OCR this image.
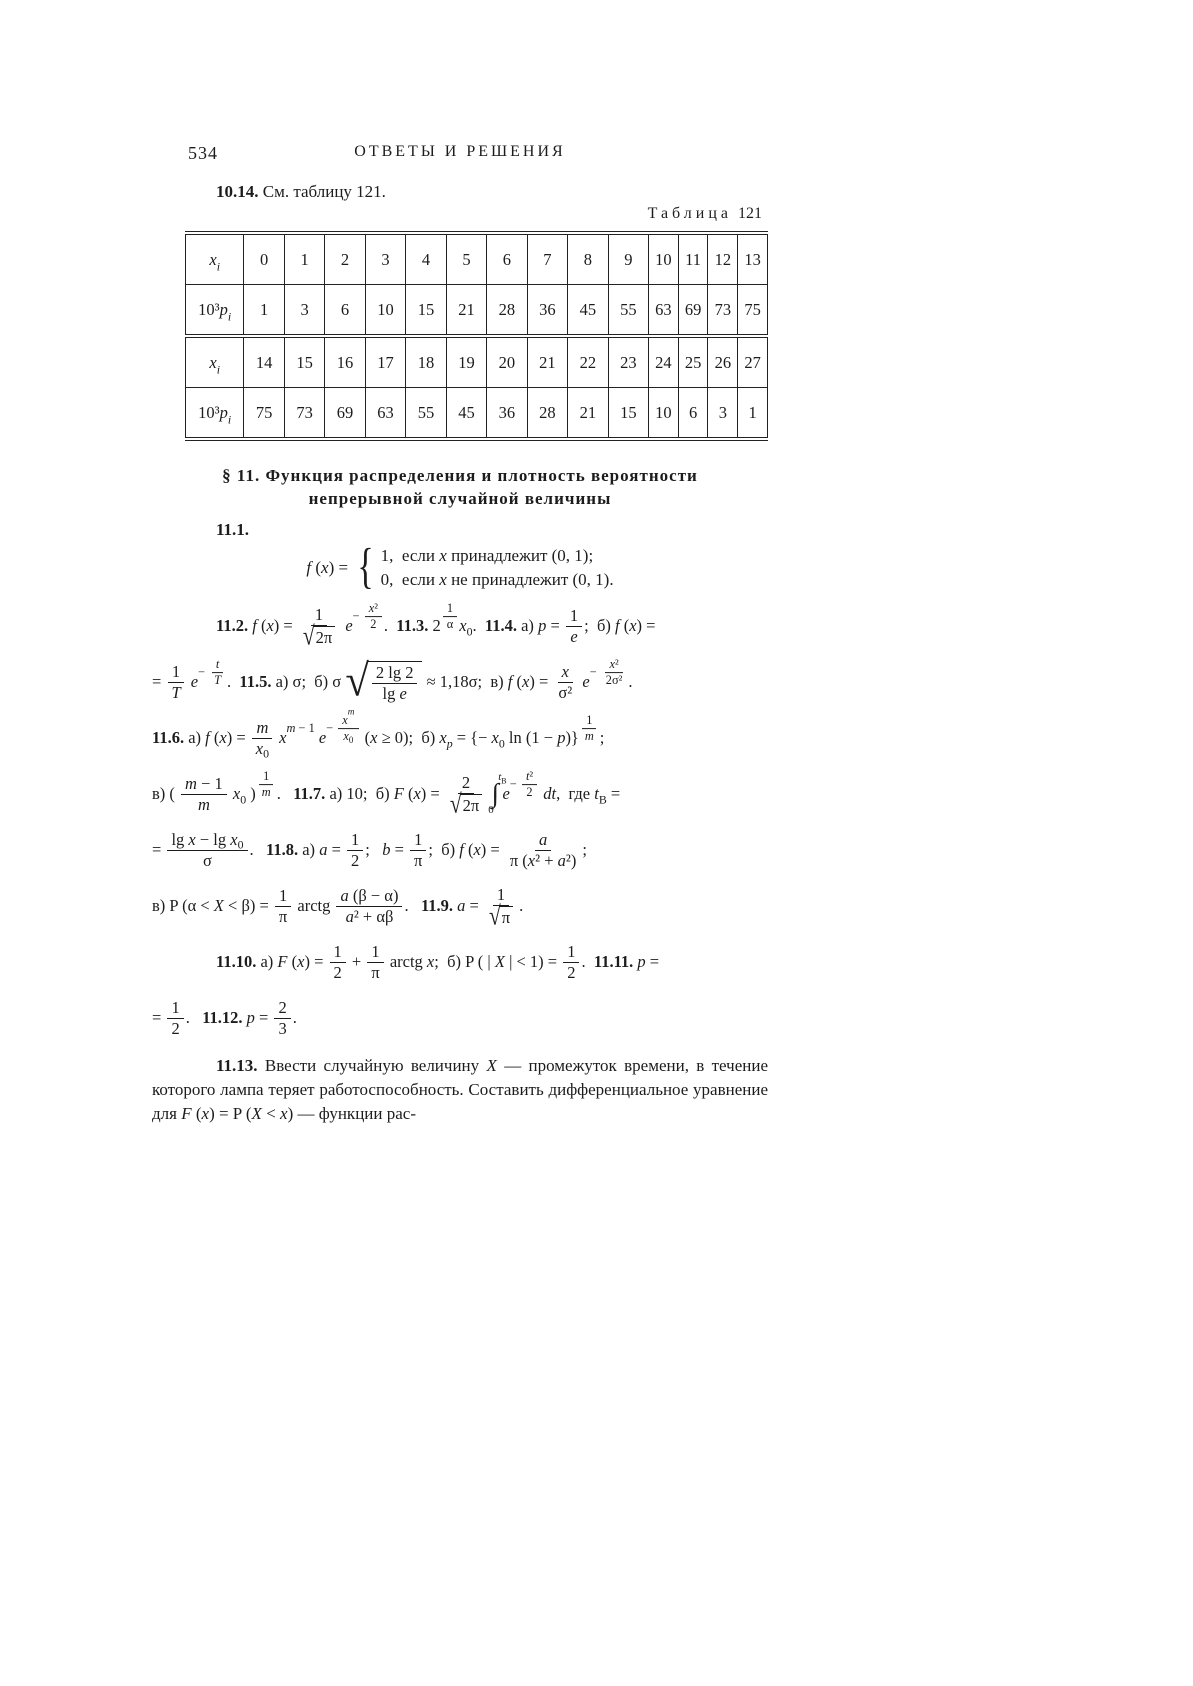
534	ОТВЕТЫ И РЕШЕНИЯ
10.14. См. таблицу 121.
Таблица 121
x i	0	1	2	3	4	5	6	7	8	9	10	11	12	13
10³p i	1	3	6	10	15	21	28	36	45	55	63	69	73	75
x i	14	15	16	17	18	19	20	21	22	23	24	25	26	27
10³p i	75	73	69	63	55	45	36	28	21	15	10	6	3	1
§ 11. Функция распределения и плотность вероятности
непрерывной случайной величины
11.1.
f ( x ) = { 1,  если x принадлежит (0, 1);
0,  если x не принадлежит (0, 1).
11.2. f ( x ) = $\frac{1}{√ 2\pi}$
e
− $\frac{\text{x ²}}{2}$ . 11.3. $2 \frac{1}{\alpha}$ x 0 . 11.4. а) $p = \frac{1}{e}$ ;  б) f ( x ) =
= $\frac{1}{T}$
e
− $\frac{t}{T}$ . 11.5. а) σ;  б) σ √ $\frac{2 \lg 2}{\text{lg e}} \approx 1,18\sigma$;  в) f ( x ) = $\frac{x}{\text{σ²}}$
e
− $\frac{\text{x ²}}{\text{2σ²}}$ .
11.6. а) f ( x ) = $\frac{m}{x 0}$
x
m − 1

e
− x
m
x 0 ( x ≥ 0);  б) x p = {− x 0 ln (1 − p )} $\frac{1}{m}$ ;
в) ( $\frac{m - 1}{m}$
x 0 ) $\frac{1}{m}$ . 11.7. а) 10;  б) F ( x ) = $\frac{2}{√ 2\pi}$ t В
∫
0
e
− $\frac{\text{t ²}}{2}$
dt ,  где t В =
= $\frac{\text{lg x − lg x 0}}{\sigma}$ . 11.8. а) $a = \frac{1}{2}$ ; $b = \frac{1}{\pi}$ ;  б) f ( x ) = $\frac{a}{\text{π ( x ² + a ²)}}$ ;
в) P $(\alpha < X < \beta) = \frac{1}{\pi}$ arctg $\frac{a (\beta - \alpha)}{\text{a ² + αβ}}$ . 11.9. $a = \frac{1}{√ \pi}$ .
11.10. а) F ( x ) = $\frac{1}{2} + \frac{1}{\pi}$ arctg x ;  б) P ( | X | < $1) = \frac{1}{2}$ . 11.11. p =
= $\frac{1}{2}$ . 11.12. $p = \frac{2}{3}$ .

11.13. Ввести случайную величину X — промежуток времени, в течение которого лампа теряет работоспособность. Составить дифференциальное уравнение для F (x) = P (X < x) — функции рас-
